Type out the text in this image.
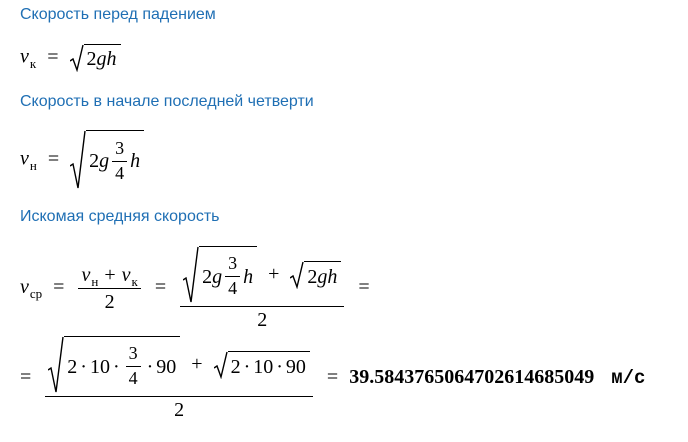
Скорость перед падением
$v_к = 2$ g h
Скорость в начале последней четверти
$v_н = 2$ g $\frac{3}{4}$ h
Искомая средняя скорость
$v_{ср} = \frac{v_н + v_к}{2} = 2$ g $\frac{3}{4}$ h + 2 g h
2
=
= $2 \cdot 10 \cdot \frac{3}{4} \cdot 90 + 2 \cdot 10 \cdot 90$
2
= 39.5843765064702614685049 м/с
